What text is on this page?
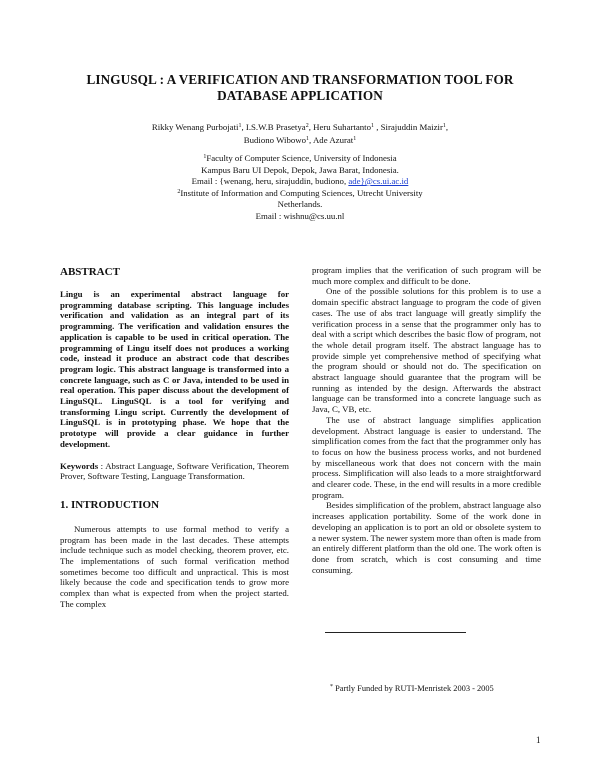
LINGUSQL : A VERIFICATION AND TRANSFORMATION TOOL FOR
DATABASE APPLICATION
Rikky Wenang Purbojati$^1$, I.S.W.B Prasetya$^2$, Heru Suhartanto$^1$ , Sirajuddin Maizir$^1$,
Budiono Wibowo$^1$, Ade Azurat$^1$
$^1$Faculty of Computer Science, University of Indonesia
Kampus Baru UI Depok, Depok, Jawa Barat, Indonesia.
Email : {wenang, heru, sirajuddin, budiono, ade}@cs.ui.ac.id
$^2$Institute of Information and Computing Sciences, Utrecht University
Netherlands.
Email : wishnu@cs.uu.nl
ABSTRACT

Lingu is an experimental abstract language for programming database scripting. This language includes verification and validation as an integral part of its programming. The verification and validation ensures the application is capable to be used in critical operation. The programming of Lingu itself does not produces a working code, instead it produce an abstract code that describes program logic. This abstract language is transformed into a concrete language, such as C or Java, intended to be used in real operation. This paper discuss about the development of LinguSQL. LinguSQL is a tool for verifying and transforming Lingu script. Currently the development of LinguSQL is in prototyping phase. We hope that the prototype will provide a clear guidance in further development.

Keywords : Abstract Language, Software Verification, Theorem Prover, Software Testing, Language Transformation.

1. INTRODUCTION

Numerous attempts to use formal method to verify a program has been made in the last decades. These attempts include technique such as model checking, theorem prover, etc. The implementations of such formal verification method sometimes become too difficult and unpractical. This is most likely because the code and specification tends to grow more complex than what is expected from when the project started. The complex

program implies that the verification of such program will be much more complex and difficult to be done.

One of the possible solutions for this problem is to use a domain specific abstract language to program the code of given cases. The use of abs tract language will greatly simplify the verification process in a sense that the programmer only has to deal with a script which describes the basic flow of program, not the whole detail program itself. The abstract language has to provide simple yet comprehensive method of specifying what the program should or should not do. The specification on abstract language should guarantee that the program will be running as intended by the design. Afterwards the abstract language can be transformed into a concrete language such as Java, C, VB, etc.

The use of abstract language simplifies application development. Abstract language is easier to understand. The simplification comes from the fact that the programmer only has to focus on how the business process works, and not burdened by miscellaneous work that does not concern with the main process. Simplification will also leads to a more straightforward and clearer code. These, in the end will results in a more credible program.

Besides simplification of the problem, abstract language also increases application portability. Some of the work done in developing an application is to port an old or obsolete system to a newer system. The newer system more than often is made from an entirely different platform than the old one. The work often is done from scratch, which is cost consuming and time consuming.

* Partly Funded by RUTI-Menristek 2003 - 2005
1
